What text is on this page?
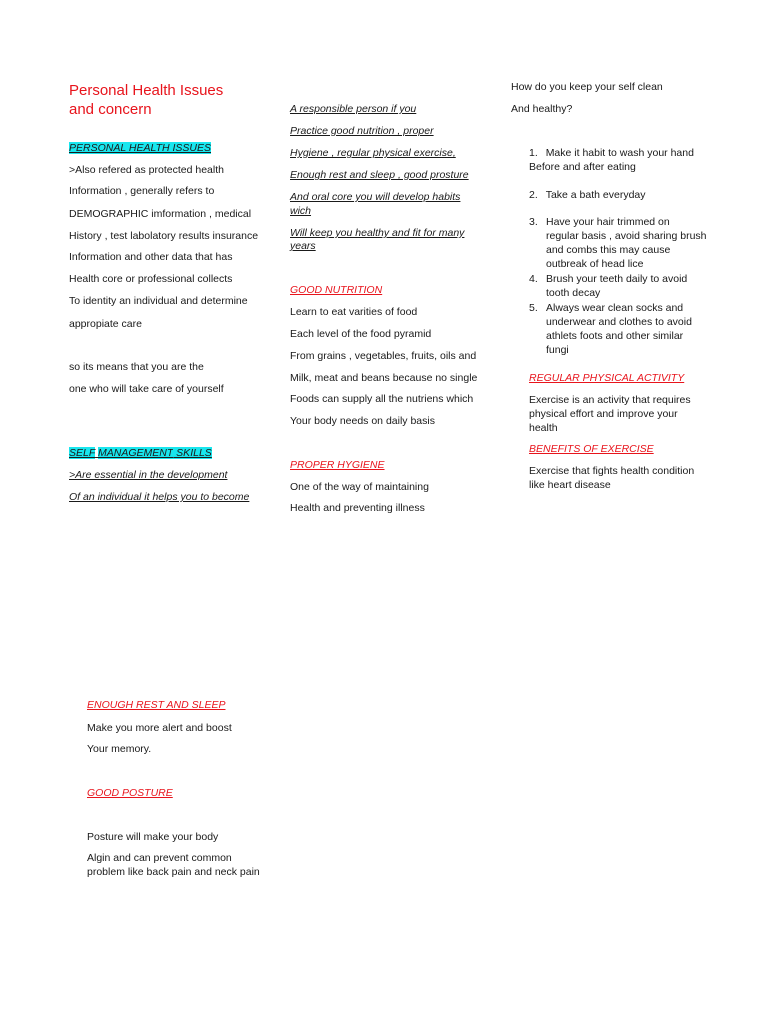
Personal Health Issues
and concern
PERSONAL HEALTH ISSUES
>Also refered as protected health
Information , generally refers to
DEMOGRAPHIC imformation , medical
History , test labolatory results insurance
Information and other data that has
Health core or professional collects
To identity an individual and determine
appropiate care
so its means that you are the
one who will take care of yourself
SELF MANAGEMENT SKILLS
>Are essential in the development
Of an individual it helps you to become
A responsible person if you
Practice good nutrition , proper
Hygiene , regular physical exercise,
Enough rest and sleep , good prosture
And oral core you will develop habits
wich
Will keep you healthy and fit for many
years
GOOD NUTRITION
Learn to eat varities of food
Each level of the food pyramid
From grains , vegetables, fruits, oils and
Milk, meat and beans because no single
Foods can supply all the nutriens which
Your body needs on daily basis
PROPER HYGIENE
One of the way of maintaining
Health and preventing illness
How do you keep your self clean
And healthy?
1. Make it habit to wash your hand
Before and after eating
2. Take a bath everyday
3. Have your hair trimmed on
regular basis , avoid sharing brush
and combs this may cause
outbreak of head lice
4. Brush your teeth daily to avoid
tooth decay
5. Always wear clean socks and
underwear and clothes to avoid
athlets foots and other similar
fungi
REGULAR PHYSICAL ACTIVITY
Exercise is an activity that requires
physical effort and improve your
health
BENEFITS OF EXERCISE
Exercise that fights health condition
like heart disease
ENOUGH REST AND SLEEP
Make you more alert and boost
Your memory.
GOOD POSTURE
Posture will make your body
Algin and can prevent common
problem like back pain and neck pain
